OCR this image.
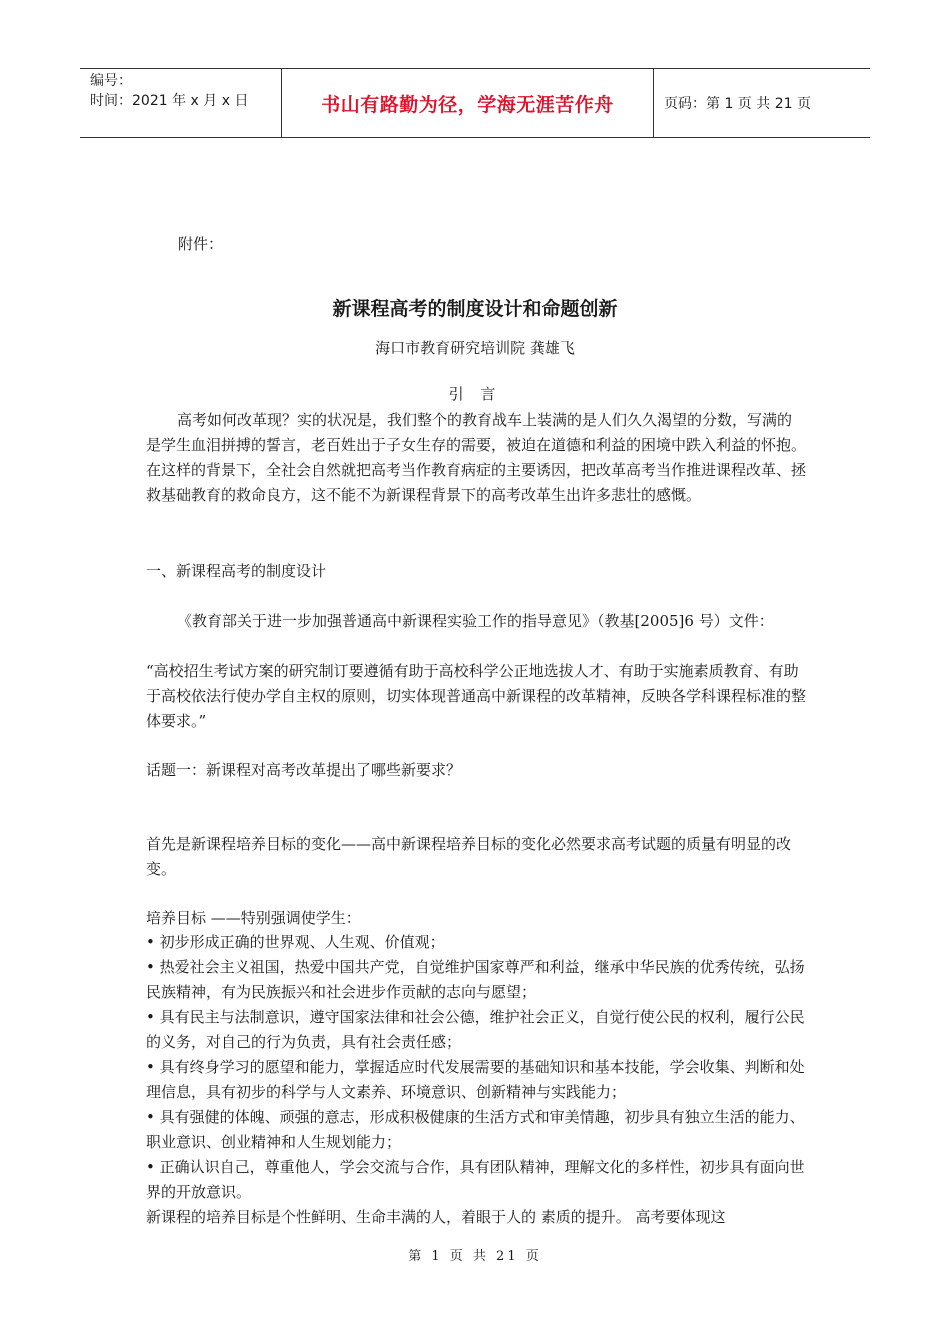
编号：
时间：2021 年 x 月 x 日	书山有路勤为径，学海无涯苦作舟	页码：第 1 页 共 21 页
附件：
新课程高考的制度设计和命题创新
海口市教育研究培训院 龚雄飞
引 言

高考如何改革现？实的状况是，我们整个的教育战车上装满的是人们久久渴望的分数，写满的是学生血泪拼搏的誓言，老百姓出于子女生存的需要，被迫在道德和利益的困境中跌入利益的怀抱。在这样的背景下，全社会自然就把高考当作教育病症的主要诱因，把改革高考当作推进课程改革、拯救基础教育的救命良方，这不能不为新课程背景下的高考改革生出许多悲壮的感慨。

一、新课程高考的制度设计

《教育部关于进一步加强普通高中新课程实验工作的指导意见》（教基[2005]6 号）文件：

“高校招生考试方案的研究制订要遵循有助于高校科学公正地选拔人才、有助于实施素质教育、有助于高校依法行使办学自主权的原则，切实体现普通高中新课程的改革精神，反映各学科课程标准的整体要求。”

话题一：新课程对高考改革提出了哪些新要求？

首先是新课程培养目标的变化——高中新课程培养目标的变化必然要求高考试题的质量有明显的改变。

培养目标 ——特别强调使学生：

• 初步形成正确的世界观、人生观、价值观；
• 热爱社会主义祖国，热爱中国共产党，自觉维护国家尊严和利益，继承中华民族的优秀传统，弘扬民族精神，有为民族振兴和社会进步作贡献的志向与愿望；
• 具有民主与法制意识，遵守国家法律和社会公德，维护社会正义，自觉行使公民的权利，履行公民的义务，对自己的行为负责，具有社会责任感；
• 具有终身学习的愿望和能力，掌握适应时代发展需要的基础知识和基本技能，学会收集、判断和处理信息，具有初步的科学与人文素养、环境意识、创新精神与实践能力；
• 具有强健的体魄、顽强的意志，形成积极健康的生活方式和审美情趣，初步具有独立生活的能力、职业意识、创业精神和人生规划能力；
• 正确认识自己，尊重他人，学会交流与合作，具有团队精神，理解文化的多样性，初步具有面向世界的开放意识。

新课程的培养目标是个性鲜明、生命丰满的人，着眼于人的 素质的提升。 高考要体现这

第 1 页 共 21 页
